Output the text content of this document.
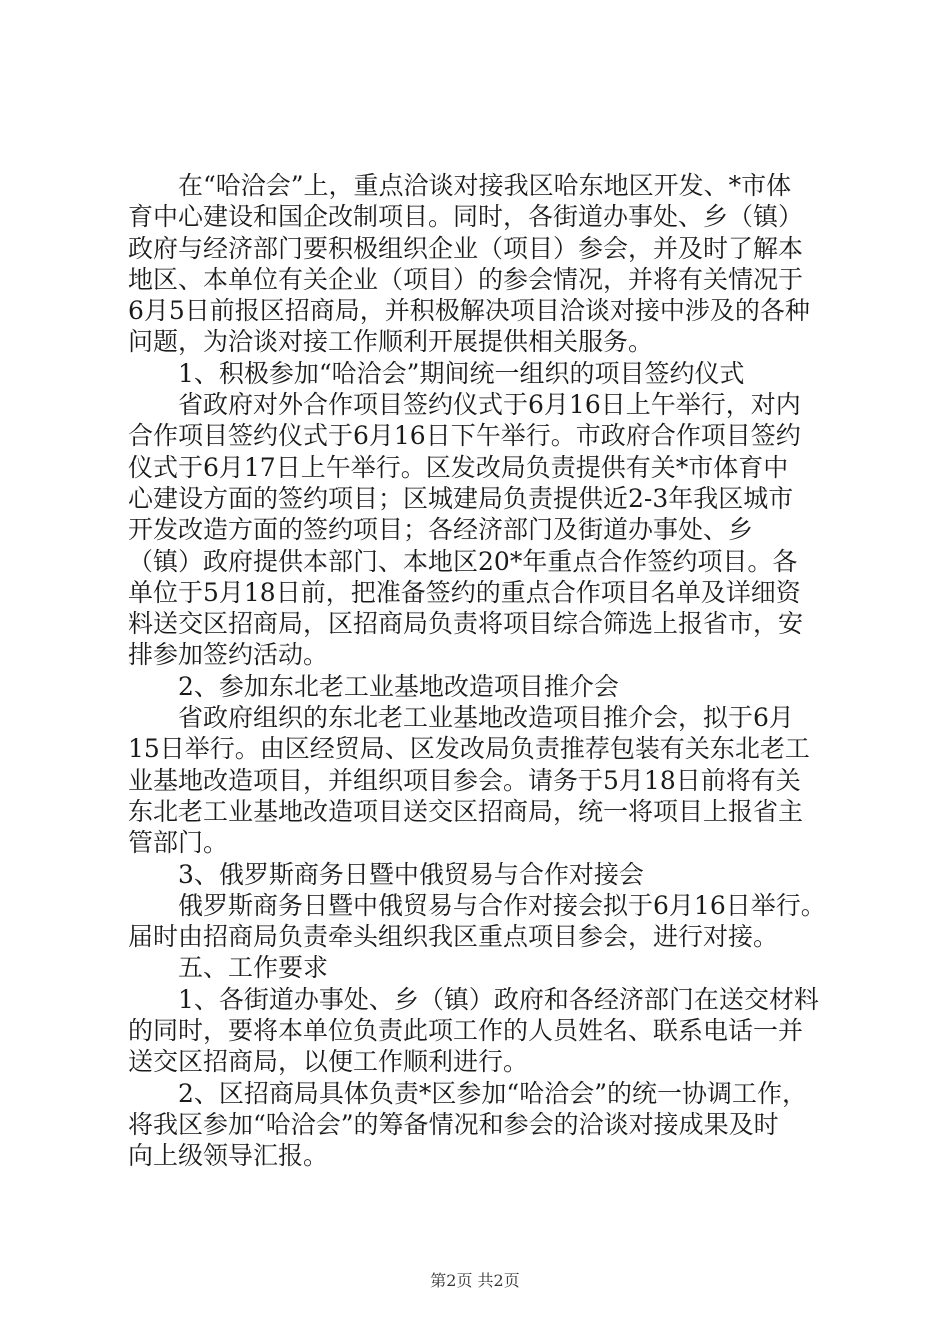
在“哈洽会”上，重点洽谈对接我区哈东地区开发、*市体
育中心建设和国企改制项目。同时，各街道办事处、乡（镇）
政府与经济部门要积极组织企业（项目）参会，并及时了解本
地区、本单位有关企业（项目）的参会情况，并将有关情况于
6月5日前报区招商局，并积极解决项目洽谈对接中涉及的各种
问题，为洽谈对接工作顺利开展提供相关服务。
1、积极参加“哈洽会”期间统一组织的项目签约仪式
省政府对外合作项目签约仪式于6月16日上午举行，对内
合作项目签约仪式于6月16日下午举行。市政府合作项目签约
仪式于6月17日上午举行。区发改局负责提供有关*市体育中
心建设方面的签约项目；区城建局负责提供近2-3年我区城市
开发改造方面的签约项目；各经济部门及街道办事处、乡
（镇）政府提供本部门、本地区20*年重点合作签约项目。各
单位于5月18日前，把准备签约的重点合作项目名单及详细资
料送交区招商局，区招商局负责将项目综合筛选上报省市，安
排参加签约活动。
2、参加东北老工业基地改造项目推介会
省政府组织的东北老工业基地改造项目推介会，拟于6月
15日举行。由区经贸局、区发改局负责推荐包装有关东北老工
业基地改造项目，并组织项目参会。请务于5月18日前将有关
东北老工业基地改造项目送交区招商局，统一将项目上报省主
管部门。
3、俄罗斯商务日暨中俄贸易与合作对接会
俄罗斯商务日暨中俄贸易与合作对接会拟于6月16日举行。
届时由招商局负责牵头组织我区重点项目参会，进行对接。
五、工作要求
1、各街道办事处、乡（镇）政府和各经济部门在送交材料
的同时，要将本单位负责此项工作的人员姓名、联系电话一并
送交区招商局，以便工作顺利进行。
2、区招商局具体负责*区参加“哈洽会”的统一协调工作，
将我区参加“哈洽会”的筹备情况和参会的洽谈对接成果及时
向上级领导汇报。
第2页 共2页
